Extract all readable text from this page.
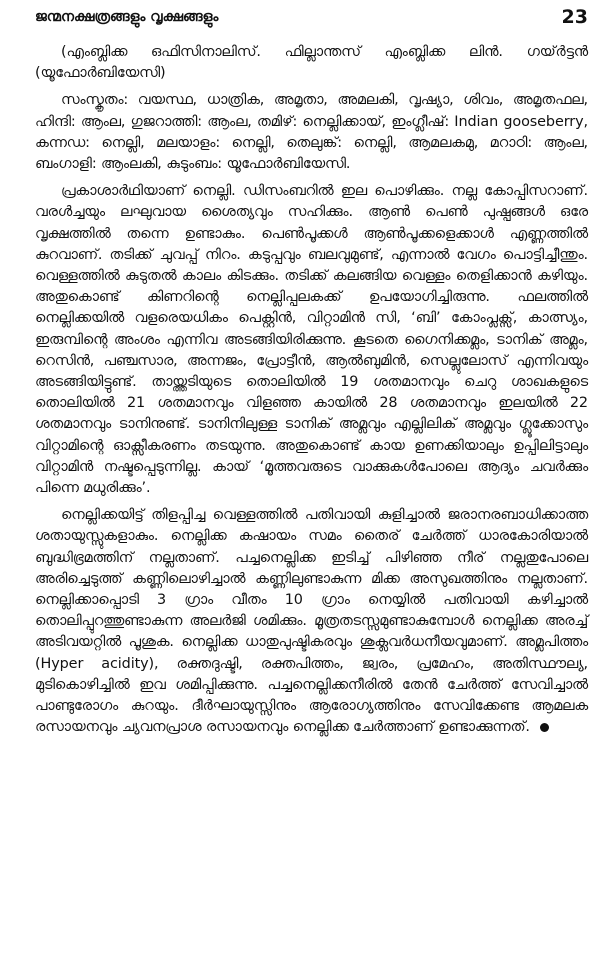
ജന്മനക്ഷത്രങ്ങളും വൃക്ഷങ്ങളും	23

(എംബ്ലിക്ക ഒഫിസിനാലിസ്. ഫില്ലാന്തസ് എംബ്ലിക്ക ലിൻ. ഗയ്ർട്ടൻ (യൂഫോർബിയേസി)

സംസ്കൃതം: വയസ്ഥ, ധാത്രിക, അമൃതാ, അമലകി, വൃഷ്യാ, ശിവം, അമൃതഫല, ഹിന്ദി: ആംല, ഗുജറാത്തി: ആംല, തമിഴ്: നെല്ലിക്കായ്, ഇംഗ്ലീഷ്: Indian gooseberry, കന്നഡ: നെല്ലി, മലയാളം: നെല്ലി, തെലുങ്ക്: നെല്ലി, ആമലകമു, മറാഠി: ആംല, ബംഗാളി: ആംലകി, കുടുംബം: യൂഫോർബിയേസി.

പ്രകാശാർഥിയാണ് നെല്ലി. ഡിസംബറിൽ ഇല പൊഴിക്കും. നല്ല കോപ്പിസറാണ്. വരൾച്ചയും ലഘുവായ ശൈത്യവും സഹിക്കും. ആൺ പെൺ പുഷ്പങ്ങൾ ഒരേ വൃക്ഷത്തിൽ തന്നെ ഉണ്ടാകും. പെൺപൂക്കൾ ആൺപൂക്കളെക്കാൾ എണ്ണത്തിൽ കുറവാണ്. തടിക്ക് ചുവപ്പ് നിറം. കടുപ്പവും ബലവുമുണ്ട്, എന്നാൽ വേഗം പൊട്ടിച്ചീന്തും. വെള്ളത്തിൽ കുടുതൽ കാലം കിടക്കും. തടിക്ക് കലങ്ങിയ വെള്ളം തെളിക്കാൻ കഴിയും. അതുകൊണ്ട് കിണറിന്റെ നെല്ലിപ്പലകക്ക് ഉപയോഗിച്ചിരുന്നു. ഫലത്തിൽ നെല്ലിക്കയിൽ വളരെയധികം പെക്റ്റിൻ, വിറ്റാമിൻ സി, ‘ബി’ കോംപ്ലക്സ്, കാത്സ്യം, ഇരുമ്പിന്റെ അംശം എന്നിവ അടങ്ങിയിരിക്കുന്നു. കൂടതെ ഗൈനിക്കമ്ലം, ടാനിക് അമ്ലം, റെസിൻ, പഞ്ചസാര, അന്നജം, പ്രോട്ടീൻ, ആൽബുമിൻ, സെല്ലുലോസ് എന്നിവയും അടങ്ങിയിട്ടുണ്ട്. തായ്ത്തടിയുടെ തൊലിയിൽ 19 ശതമാനവും ചെറു ശാഖകളുടെ തൊലിയിൽ 21 ശതമാനവും വിളഞ്ഞ കായിൽ 28 ശതമാനവും ഇലയിൽ 22 ശതമാനവും ടാനിനുണ്ട്. ടാനിനിലുള്ള ടാനിക് അമ്ലവും എല്ലിലിക് അമ്ലവും ഗ്ലൂക്കോസും വിറ്റാമിന്റെ ഓക്സീകരണം തടയുന്നു. അതുകൊണ്ട് കായ ഉണക്കിയാലും ഉപ്പിലിട്ടാലും വിറ്റാമിൻ നഷ്ടപ്പെടുന്നില്ല. കായ് ‘മൂത്തവരുടെ വാക്കുകൾപോലെ ആദ്യം ചവർക്കും പിന്നെ മധുരിക്കും’.

നെല്ലിക്കയിട്ട് തിളപ്പിച്ച വെള്ളത്തിൽ പതിവായി കുളിച്ചാൽ ജരാനരബാധിക്കാത്ത ശതായുസ്സുകളാകും. നെല്ലിക്ക കഷായം സമം തൈര് ചേർത്ത് ധാരകോരിയാൽ ബുദ്ധിഭ്രമത്തിന് നല്ലതാണ്. പച്ചനെല്ലിക്ക ഇടിച്ച് പിഴിഞ്ഞ നീര് നല്ലതുപോലെ അരിച്ചെടുത്ത് കണ്ണിലൊഴിച്ചാൽ കണ്ണിലുണ്ടാകുന്ന മിക്ക അസുഖത്തിനും നല്ലതാണ്. നെല്ലിക്കാപ്പൊടി 3 ഗ്രാം വീതം 10 ഗ്രാം നെയ്യിൽ പതിവായി കഴിച്ചാൽ തൊലിപ്പുറത്തുണ്ടാകുന്ന അലർജി ശമിക്കും. മൂത്രതടസ്സമുണ്ടാകുമ്പോൾ നെല്ലിക്ക അരച്ച് അടിവയറ്റിൽ പൂശുക. നെല്ലിക്ക ധാതുപുഷ്ടികരവും ശുക്ലവർധനീയവുമാണ്. അമ്ലപിത്തം (Hyper acidity), രക്തദുഷ്ടി, രക്തപിത്തം, ജ്വരം, പ്രമേഹം, അതിസ്ഥൗല്യ, മുടികൊഴിച്ചിൽ ഇവ ശമിപ്പിക്കുന്നു. പച്ചനെല്ലിക്കനീരിൽ തേൻ ചേർത്ത് സേവിച്ചാൽ പാണ്ടുരോഗം കുറയും. ദീർഘായുസ്സിനും ആരോഗ്യത്തിനും സേവിക്കേണ്ട ആമലക രസായനവും ച്യവനപ്രാശ രസായനവും നെല്ലിക്ക ചേർത്താണ് ഉണ്ടാക്കുന്നത്.
